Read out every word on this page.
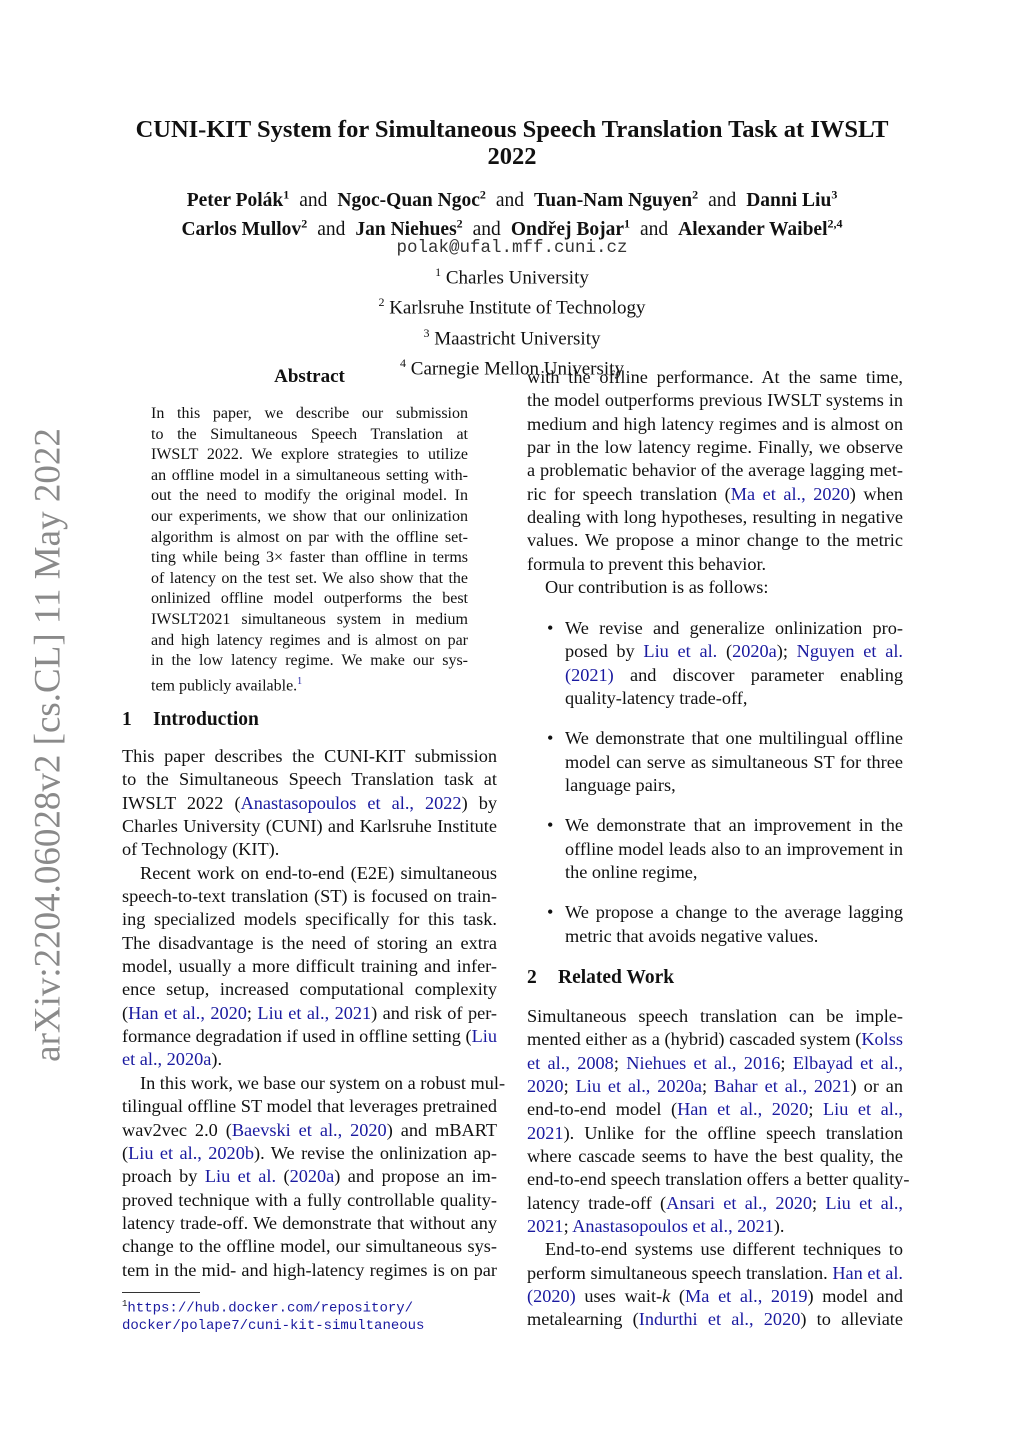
arXiv:2204.06028v2 [cs.CL] 11 May 2022
CUNI-KIT System for Simultaneous Speech Translation Task at IWSLT
2022
Peter Polák$^1$ and Ngoc-Quan Ngoc$^2$ and Tuan-Nam Nguyen$^2$ and Danni Liu$^3$
Carlos Mullov$^2$ and Jan Niehues$^2$ and Ondřej Bojar$^1$ and Alexander Waibel$^{2,4}$
polak@ufal.mff.cuni.cz
$^1$ Charles University
$^2$ Karlsruhe Institute of Technology
$^3$ Maastricht University
$^4$ Carnegie Mellon University
Abstract
In this paper, we describe our submission
to the Simultaneous Speech Translation at
IWSLT 2022. We explore strategies to utilize
an offline model in a simultaneous setting with-
out the need to modify the original model. In
our experiments, we show that our onlinization
algorithm is almost on par with the offline set-
ting while being 3× faster than offline in terms
of latency on the test set. We also show that the
onlinized offline model outperforms the best
IWSLT2021 simultaneous system in medium
and high latency regimes and is almost on par
in the low latency regime. We make our sys-
tem publicly available.$^1$
1 Introduction
This paper describes the CUNI-KIT submission
to the Simultaneous Speech Translation task at
IWSLT 2022 (Anastasopoulos et al., 2022) by
Charles University (CUNI) and Karlsruhe Institute
of Technology (KIT).
Recent work on end-to-end (E2E) simultaneous
speech-to-text translation (ST) is focused on train-
ing specialized models specifically for this task.
The disadvantage is the need of storing an extra
model, usually a more difficult training and infer-
ence setup, increased computational complexity
(Han et al., 2020; Liu et al., 2021) and risk of per-
formance degradation if used in offline setting (Liu
et al., 2020a).
In this work, we base our system on a robust mul-
tilingual offline ST model that leverages pretrained
wav2vec 2.0 (Baevski et al., 2020) and mBART
(Liu et al., 2020b). We revise the onlinization ap-
proach by Liu et al. (2020a) and propose an im-
proved technique with a fully controllable quality-
latency trade-off. We demonstrate that without any
change to the offline model, our simultaneous sys-
tem in the mid- and high-latency regimes is on par
with the offline performance. At the same time,
the model outperforms previous IWSLT systems in
medium and high latency regimes and is almost on
par in the low latency regime. Finally, we observe
a problematic behavior of the average lagging met-
ric for speech translation (Ma et al., 2020) when
dealing with long hypotheses, resulting in negative
values. We propose a minor change to the metric
formula to prevent this behavior.
Our contribution is as follows:
• We revise and generalize onlinization pro-
posed by Liu et al. (2020a); Nguyen et al.
(2021) and discover parameter enabling
quality-latency trade-off,
• We demonstrate that one multilingual offline
model can serve as simultaneous ST for three
language pairs,
• We demonstrate that an improvement in the
offline model leads also to an improvement in
the online regime,
• We propose a change to the average lagging
metric that avoids negative values.
2 Related Work
Simultaneous speech translation can be imple-
mented either as a (hybrid) cascaded system (Kolss
et al., 2008; Niehues et al., 2016; Elbayad et al.,
2020; Liu et al., 2020a; Bahar et al., 2021) or an
end-to-end model (Han et al., 2020; Liu et al.,
2021). Unlike for the offline speech translation
where cascade seems to have the best quality, the
end-to-end speech translation offers a better quality-
latency trade-off (Ansari et al., 2020; Liu et al.,
2021; Anastasopoulos et al., 2021).
End-to-end systems use different techniques to
perform simultaneous speech translation. Han et al.
(2020) uses wait-k (Ma et al., 2019) model and
metalearning (Indurthi et al., 2020) to alleviate
$^1$https://hub.docker.com/repository/
docker/polape7/cuni-kit-simultaneous
